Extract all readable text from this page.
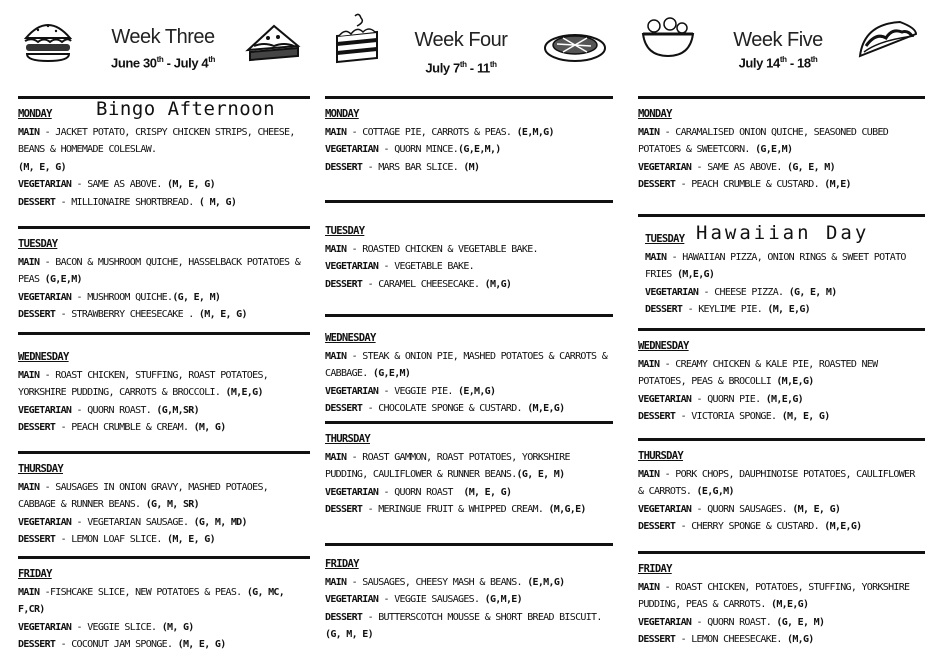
Week Three
June 30th - July 4th
Week Four
July 7th - 11th
Week Five
July 14th - 18th
MONDAY Bingo Afternoon
MAIN - JACKET POTATO, CRISPY CHICKEN STRIPS, CHEESE, BEANS & HOMEMADE COLESLAW.
(M, E, G)
VEGETARIAN - SAME AS ABOVE. (M, E, G)
DESSERT - MILLIONAIRE SHORTBREAD. ( M, G)
TUESDAY
MAIN - BACON & MUSHROOM QUICHE, HASSELBACK POTATOES & PEAS (G,E,M)
VEGETARIAN - MUSHROOM QUICHE.(G, E, M)
DESSERT - STRAWBERRY CHEESECAKE . (M, E, G)
WEDNESDAY
MAIN - ROAST CHICKEN, STUFFING, ROAST POTATOES, YORKSHIRE PUDDING, CARROTS & BROCCOLI. (M,E,G)
VEGETARIAN - QUORN ROAST. (G,M,SR)
DESSERT - PEACH CRUMBLE & CREAM. (M, G)
THURSDAY
MAIN - SAUSAGES IN ONION GRAVY, MASHED POTAOES, CABBAGE & RUNNER BEANS. (G, M, SR)
VEGETARIAN - VEGETARIAN SAUSAGE. (G, M, MD)
DESSERT - LEMON LOAF SLICE. (M, E, G)
FRIDAY
MAIN -FISHCAKE SLICE, NEW POTATOES & PEAS. (G, MC, F,CR)
VEGETARIAN - VEGGIE SLICE. (M, G)
DESSERT - COCONUT JAM SPONGE. (M, E, G)
MONDAY
MAIN - COTTAGE PIE, CARROTS & PEAS. (E,M,G)
VEGETARIAN - QUORN MINCE.(G,E,M,)
DESSERT - MARS BAR SLICE. (M)
TUESDAY
MAIN - ROASTED CHICKEN & VEGETABLE BAKE.
VEGETARIAN - VEGETABLE BAKE.
DESSERT - CARAMEL CHEESECAKE. (M,G)
WEDNESDAY
MAIN - STEAK & ONION PIE, MASHED POTATOES & CARROTS & CABBAGE. (G,E,M)
VEGETARIAN - VEGGIE PIE. (E,M,G)
DESSERT - CHOCOLATE SPONGE & CUSTARD. (M,E,G)
THURSDAY
MAIN - ROAST GAMMON, ROAST POTATOES, YORKSHIRE PUDDING, CAULIFLOWER & RUNNER BEANS.(G, E, M)
VEGETARIAN - QUORN ROAST (M, E, G)
DESSERT - MERINGUE FRUIT & WHIPPED CREAM. (M,G,E)
FRIDAY
MAIN - SAUSAGES, CHEESY MASH & BEANS. (E,M,G)
VEGETARIAN - VEGGIE SAUSAGES. (G,M,E)
DESSERT - BUTTERSCOTCH MOUSSE & SHORT BREAD BISCUIT. (G, M, E)
MONDAY
MAIN - CARAMALISED ONION QUICHE, SEASONED CUBED POTATOES & SWEETCORN. (G,E,M)
VEGETARIAN - SAME AS ABOVE. (G, E, M)
DESSERT - PEACH CRUMBLE & CUSTARD. (M,E)
TUESDAY Hawaiian Day
MAIN - HAWAIIAN PIZZA, ONION RINGS & SWEET POTATO FRIES (M,E,G)
VEGETARIAN - CHEESE PIZZA. (G, E, M)
DESSERT - KEYLIME PIE. (M, E,G)
WEDNESDAY
MAIN - CREAMY CHICKEN & KALE PIE, ROASTED NEW POTATOES, PEAS & BROCOLLI (M,E,G)
VEGETARIAN - QUORN PIE. (M,E,G)
DESSERT - VICTORIA SPONGE. (M, E, G)
THURSDAY
MAIN - PORK CHOPS, DAUPHINOISE POTATOES, CAULIFLOWER & CARROTS. (E,G,M)
VEGETARIAN - QUORN SAUSAGES. (M, E, G)
DESSERT - CHERRY SPONGE & CUSTARD. (M,E,G)
FRIDAY
MAIN - ROAST CHICKEN, POTATOES, STUFFING, YORKSHIRE PUDDING, PEAS & CARROTS. (M,E,G)
VEGETARIAN - QUORN ROAST. (G, E, M)
DESSERT - LEMON CHEESECAKE. (M,G)
